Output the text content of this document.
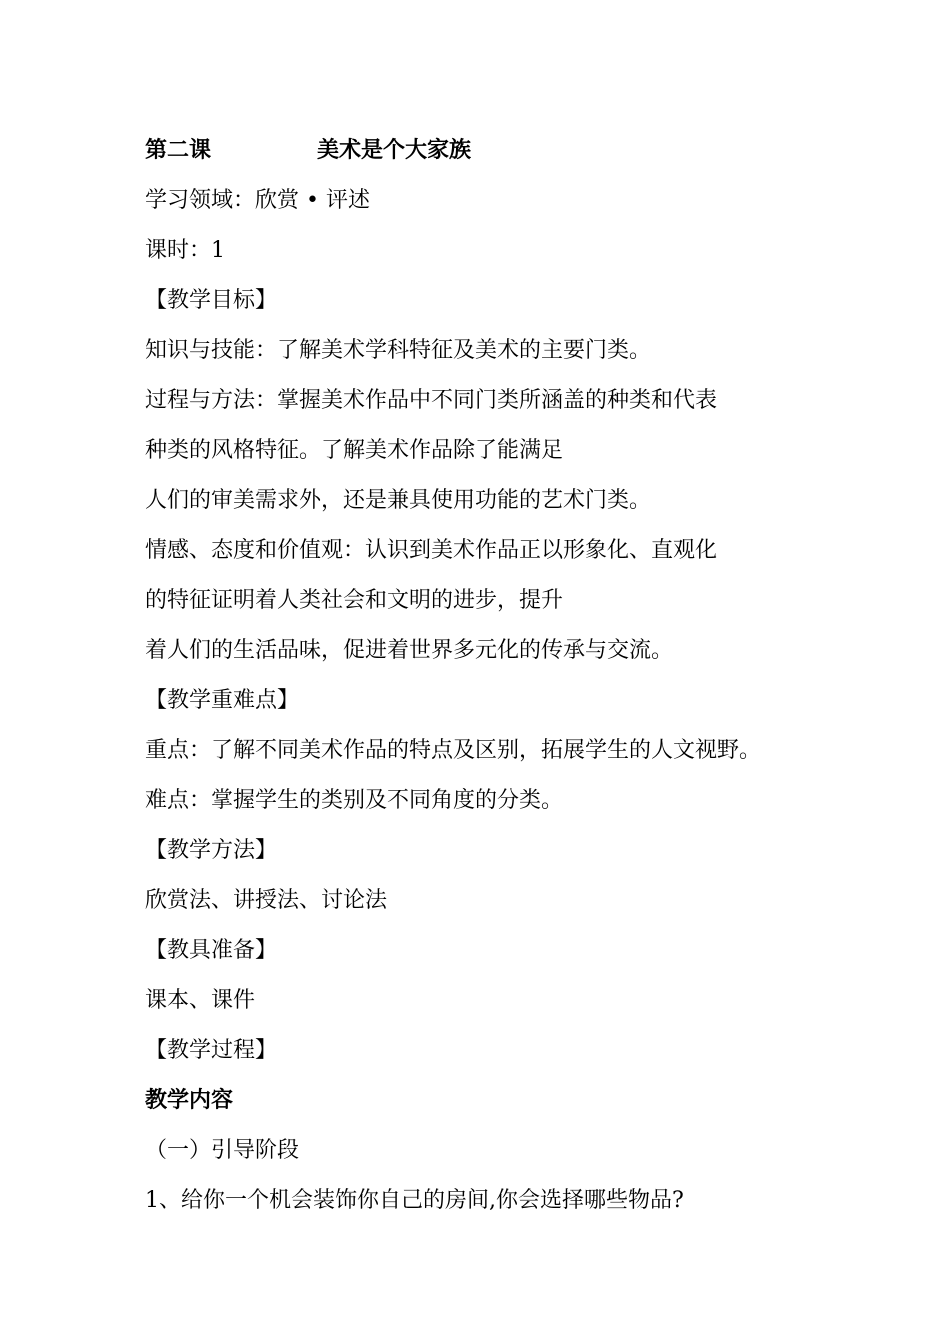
第二课	美术是个大家族
学习领域：欣赏 • 评述
课时：1
【教学目标】
知识与技能：了解美术学科特征及美术的主要门类。
过程与方法：掌握美术作品中不同门类所涵盖的种类和代表
种类的风格特征。了解美术作品除了能满足
人们的审美需求外，还是兼具使用功能的艺术门类。
情感、态度和价值观：认识到美术作品正以形象化、直观化
的特征证明着人类社会和文明的进步，提升
着人们的生活品味，促进着世界多元化的传承与交流。
【教学重难点】
重点：了解不同美术作品的特点及区别，拓展学生的人文视野。
难点：掌握学生的类别及不同角度的分类。
【教学方法】
欣赏法、讲授法、讨论法
【教具准备】
课本、课件
【教学过程】
教学内容
（一）引导阶段
1、给你一个机会装饰你自己的房间,你会选择哪些物品?
